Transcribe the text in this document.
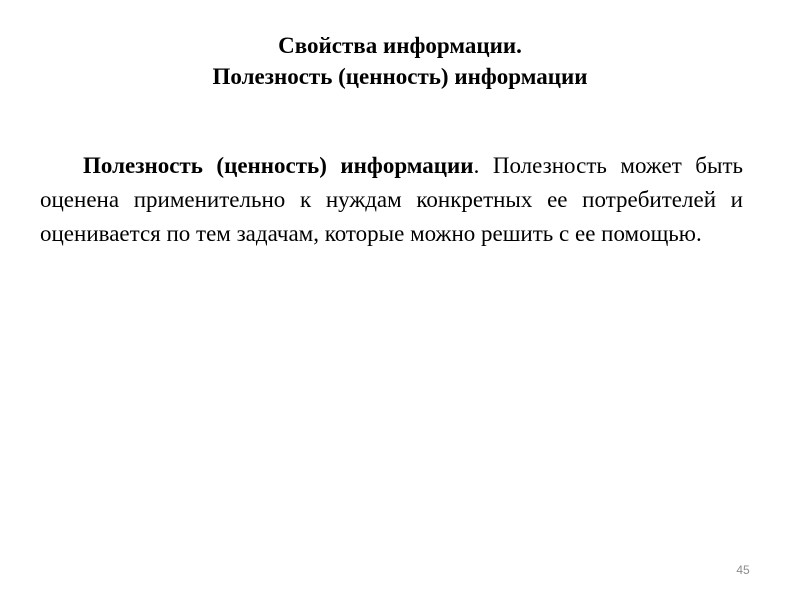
Свойства информации.
Полезность (ценность) информации

Полезность (ценность) информации. Полезность может быть оценена применительно к нуждам конкретных ее потребителей и оценивается по тем задачам, которые можно решить с ее помощью.

45
